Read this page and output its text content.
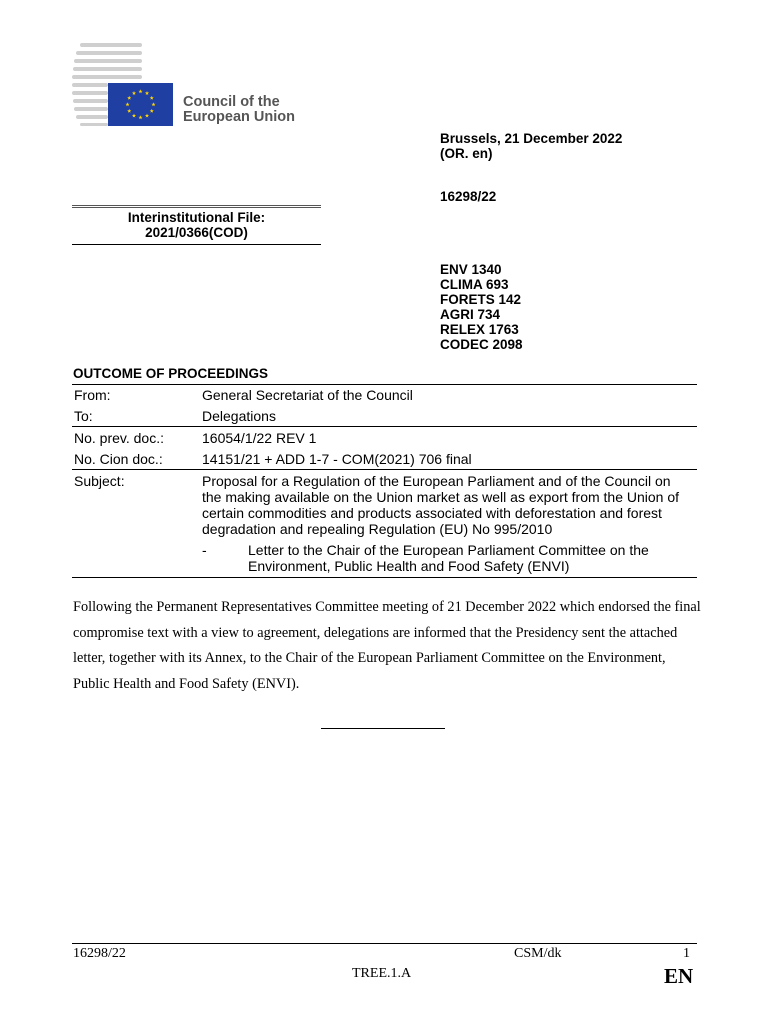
Council of the
European Union
Brussels, 21 December 2022
(OR. en)
16298/22
ENV 1340
CLIMA 693
FORETS 142
AGRI 734
RELEX 1763
CODEC 2098
Interinstitutional File:
2021/0366(COD)
OUTCOME OF PROCEEDINGS
From:	General Secretariat of the Council
To:	Delegations
No. prev. doc.:	16054/1/22 REV 1
No. Cion doc.:	14151/21 + ADD 1-7 - COM(2021) 706 final
Subject:	Proposal for a Regulation of the European Parliament and of the Council on the making available on the Union market as well as export from the Union of certain commodities and products associated with deforestation and forest degradation and repealing Regulation (EU) No 995/2010
-	Letter to the Chair of the European Parliament Committee on the Environment, Public Health and Food Safety (ENVI)
Following the Permanent Representatives Committee meeting of 21 December 2022 which endorsed the final compromise text with a view to agreement, delegations are informed that the Presidency sent the attached letter, together with its Annex, to the Chair of the European Parliament Committee on the Environment, Public Health and Food Safety (ENVI).
16298/22	CSM/dk	1
TREE.1.A	EN
